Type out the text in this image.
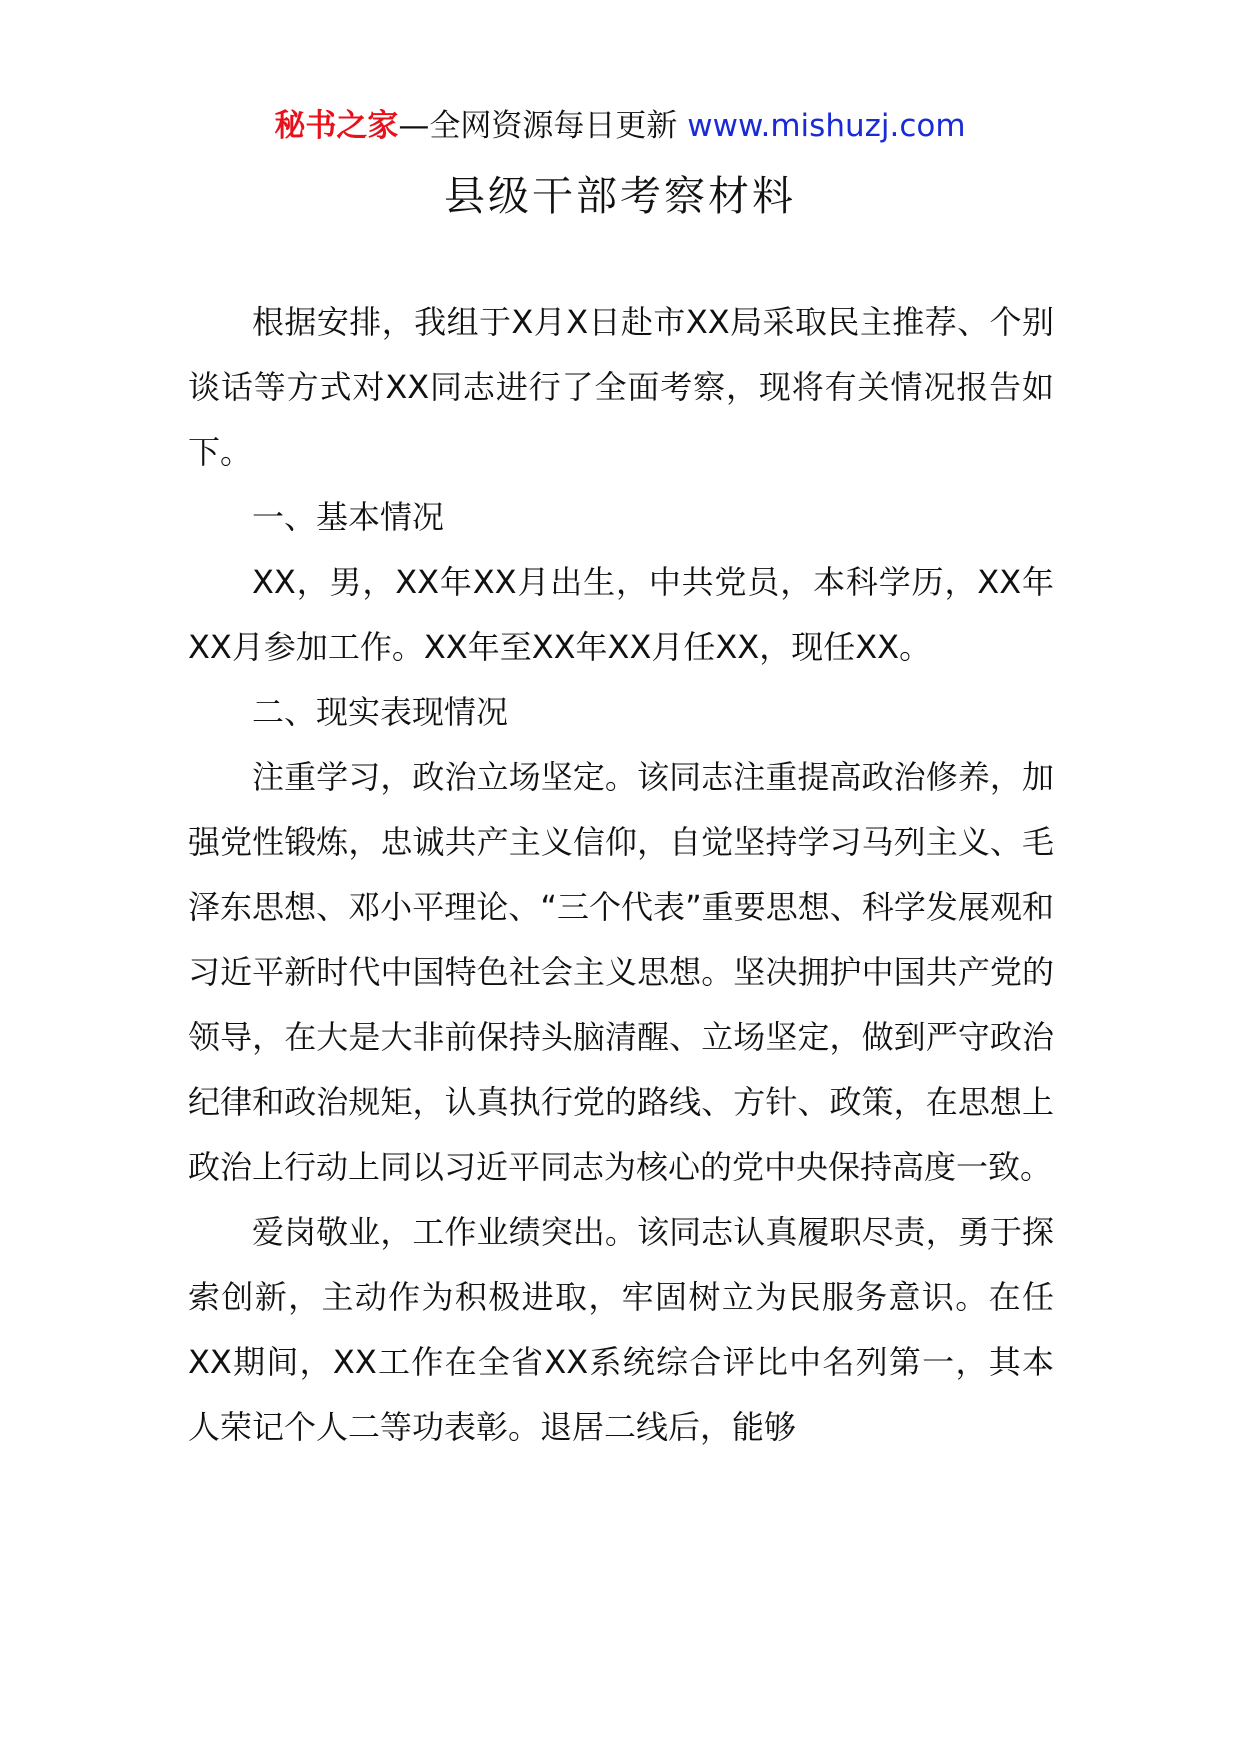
秘书之家—全网资源每日更新 www.mishuzj.com
县级干部考察材料

根据安排，我组于X月X日赴市XX局采取民主推荐、个别谈话等方式对XX同志进行了全面考察，现将有关情况报告如下。

一、基本情况

XX，男，XX年XX月出生，中共党员，本科学历，XX年XX月参加工作。XX年至XX年XX月任XX，现任XX。

二、现实表现情况

注重学习，政治立场坚定。该同志注重提高政治修养，加强党性锻炼，忠诚共产主义信仰，自觉坚持学习马列主义、毛泽东思想、邓小平理论、“三个代表”重要思想、科学发展观和习近平新时代中国特色社会主义思想。坚决拥护中国共产党的领导，在大是大非前保持头脑清醒、立场坚定，做到严守政治纪律和政治规矩，认真执行党的路线、方针、政策，在思想上政治上行动上同以习近平同志为核心的党中央保持高度一致。

爱岗敬业，工作业绩突出。该同志认真履职尽责，勇于探索创新，主动作为积极进取，牢固树立为民服务意识。在任XX期间，XX工作在全省XX系统综合评比中名列第一，其本人荣记个人二等功表彰。退居二线后，能够
